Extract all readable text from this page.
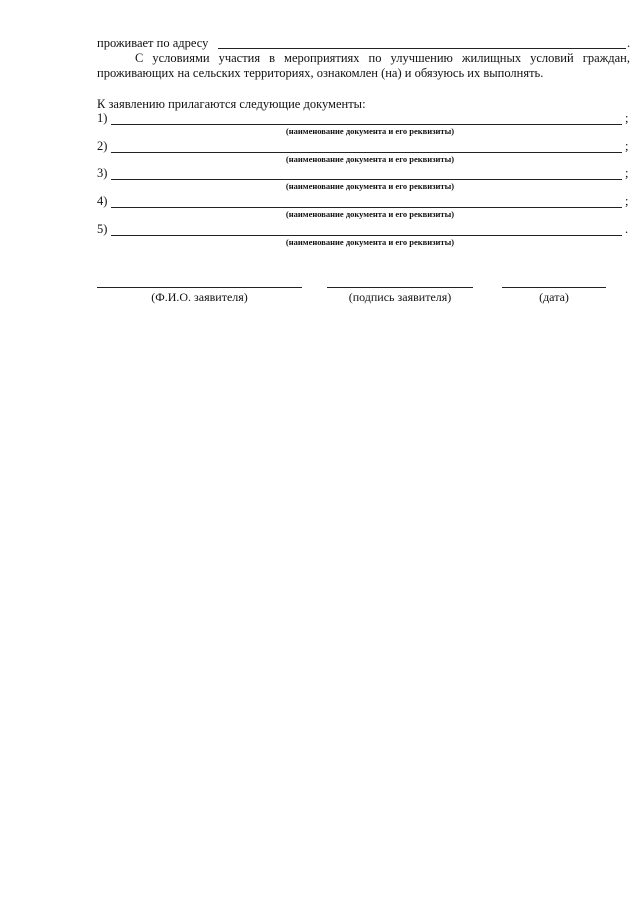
проживает по адресу	.
С условиями участия в мероприятиях по улучшению жилищных условий граждан, проживающих на сельских территориях, ознакомлен (на) и обязуюсь их выполнять.
К заявлению прилагаются следующие документы:
1)	;
(наименование документа и его реквизиты)
2)	;
(наименование документа и его реквизиты)
3)	;
(наименование документа и его реквизиты)
4)	;
(наименование документа и его реквизиты)
5)	.
(наименование документа и его реквизиты)
(Ф.И.О. заявителя)	(подпись заявителя)	(дата)
